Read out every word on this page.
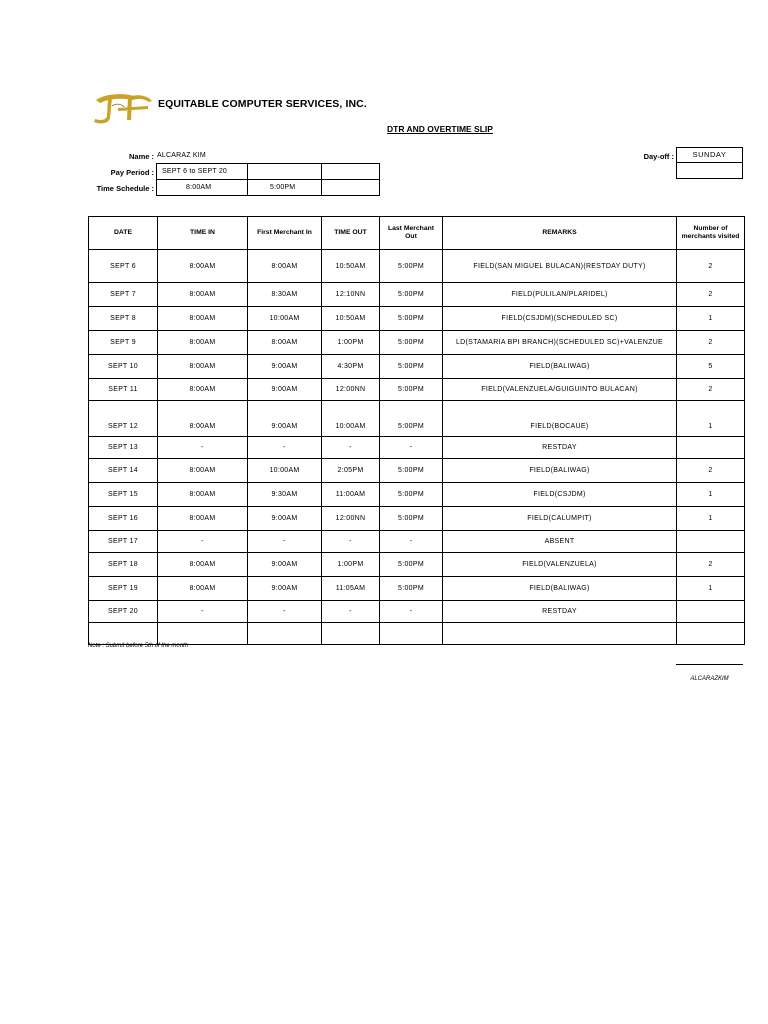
EQUITABLE COMPUTER SERVICES, INC.
DTR AND OVERTIME SLIP
Name : ALCARAZ KIM
Pay Period : SEPT 6 to SEPT 20
Time Schedule :	8:00AM	5:00PM
Day-off :	SUNDAY
DATE	TIME IN	First Merchant In	TIME OUT	Last Merchant Out	REMARKS	Number of merchants visited
SEPT 6	8:00AM	8:00AM	10:50AM	5:00PM	FIELD(SAN MIGUEL BULACAN)(RESTDAY DUTY)	2
SEPT 7	8:00AM	8:30AM	12:10NN	5:00PM	FIELD(PULILAN/PLARIDEL)	2
SEPT 8	8:00AM	10:00AM	10:50AM	5:00PM	FIELD(CSJDM)(SCHEDULED SC)	1
SEPT 9	8:00AM	8:00AM	1:00PM	5:00PM	LD(STAMARIA BPI BRANCH)(SCHEDULED SC)+VALENZUE	2
SEPT 10	8:00AM	9:00AM	4:30PM	5:00PM	FIELD(BALIWAG)	5
SEPT 11	8:00AM	9:00AM	12:00NN	5:00PM	FIELD(VALENZUELA/GUIGUINTO BULACAN)	2
SEPT 12	8:00AM	9:00AM	10:00AM	5:00PM	FIELD(BOCAUE)	1
SEPT 13	-	-	-	-	RESTDAY	
SEPT 14	8:00AM	10:00AM	2:05PM	5:00PM	FIELD(BALIWAG)	2
SEPT 15	8:00AM	9:30AM	11:00AM	5:00PM	FIELD(CSJDM)	1
SEPT 16	8:00AM	9:00AM	12:00NN	5:00PM	FIELD(CALUMPIT)	1
SEPT 17	-	-	-	-	ABSENT	
SEPT 18	8:00AM	9:00AM	1:00PM	5:00PM	FIELD(VALENZUELA)	2
SEPT 19	8:00AM	9:00AM	11:05AM	5:00PM	FIELD(BALIWAG)	1
SEPT 20	-	-	-	-	RESTDAY	

Note : Submit before 5th of the month
ALCARAZKIM
